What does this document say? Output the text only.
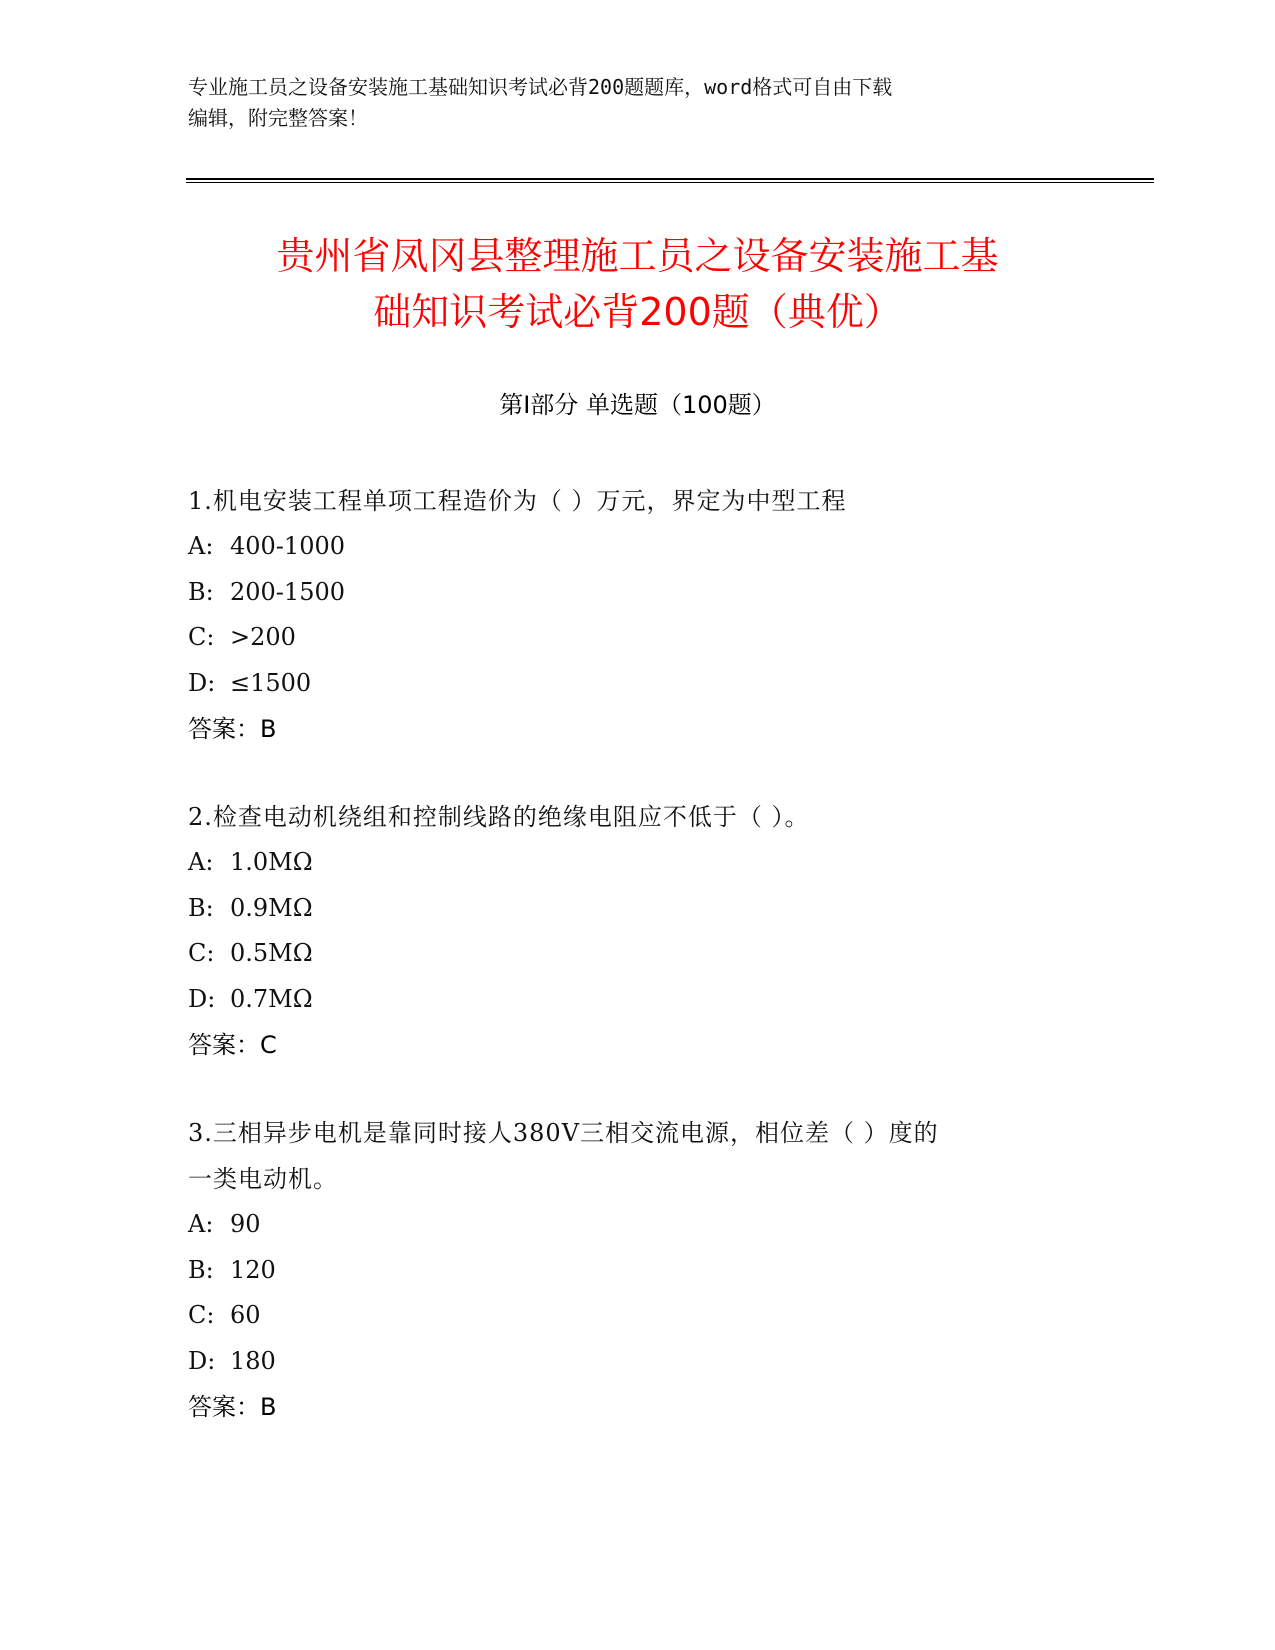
专业施工员之设备安装施工基础知识考试必背200题题库，word格式可自由下载
编辑，附完整答案！
贵州省凤冈县整理施工员之设备安装施工基
础知识考试必背200题（典优）
第Ⅰ部分 单选题（100题）
1.机电安装工程单项工程造价为（ ）万元，界定为中型工程
A: 400-1000
B: 200-1500
C: >200
D: ≤1500
答案：B
2.检查电动机绕组和控制线路的绝缘电阻应不低于（ ）。
A: 1.0MΩ
B: 0.9MΩ
C: 0.5MΩ
D: 0.7MΩ
答案：C
3.三相异步电机是靠同时接人380V三相交流电源，相位差（ ）度的
一类电动机。
A: 90
B: 120
C: 60
D: 180
答案：B
